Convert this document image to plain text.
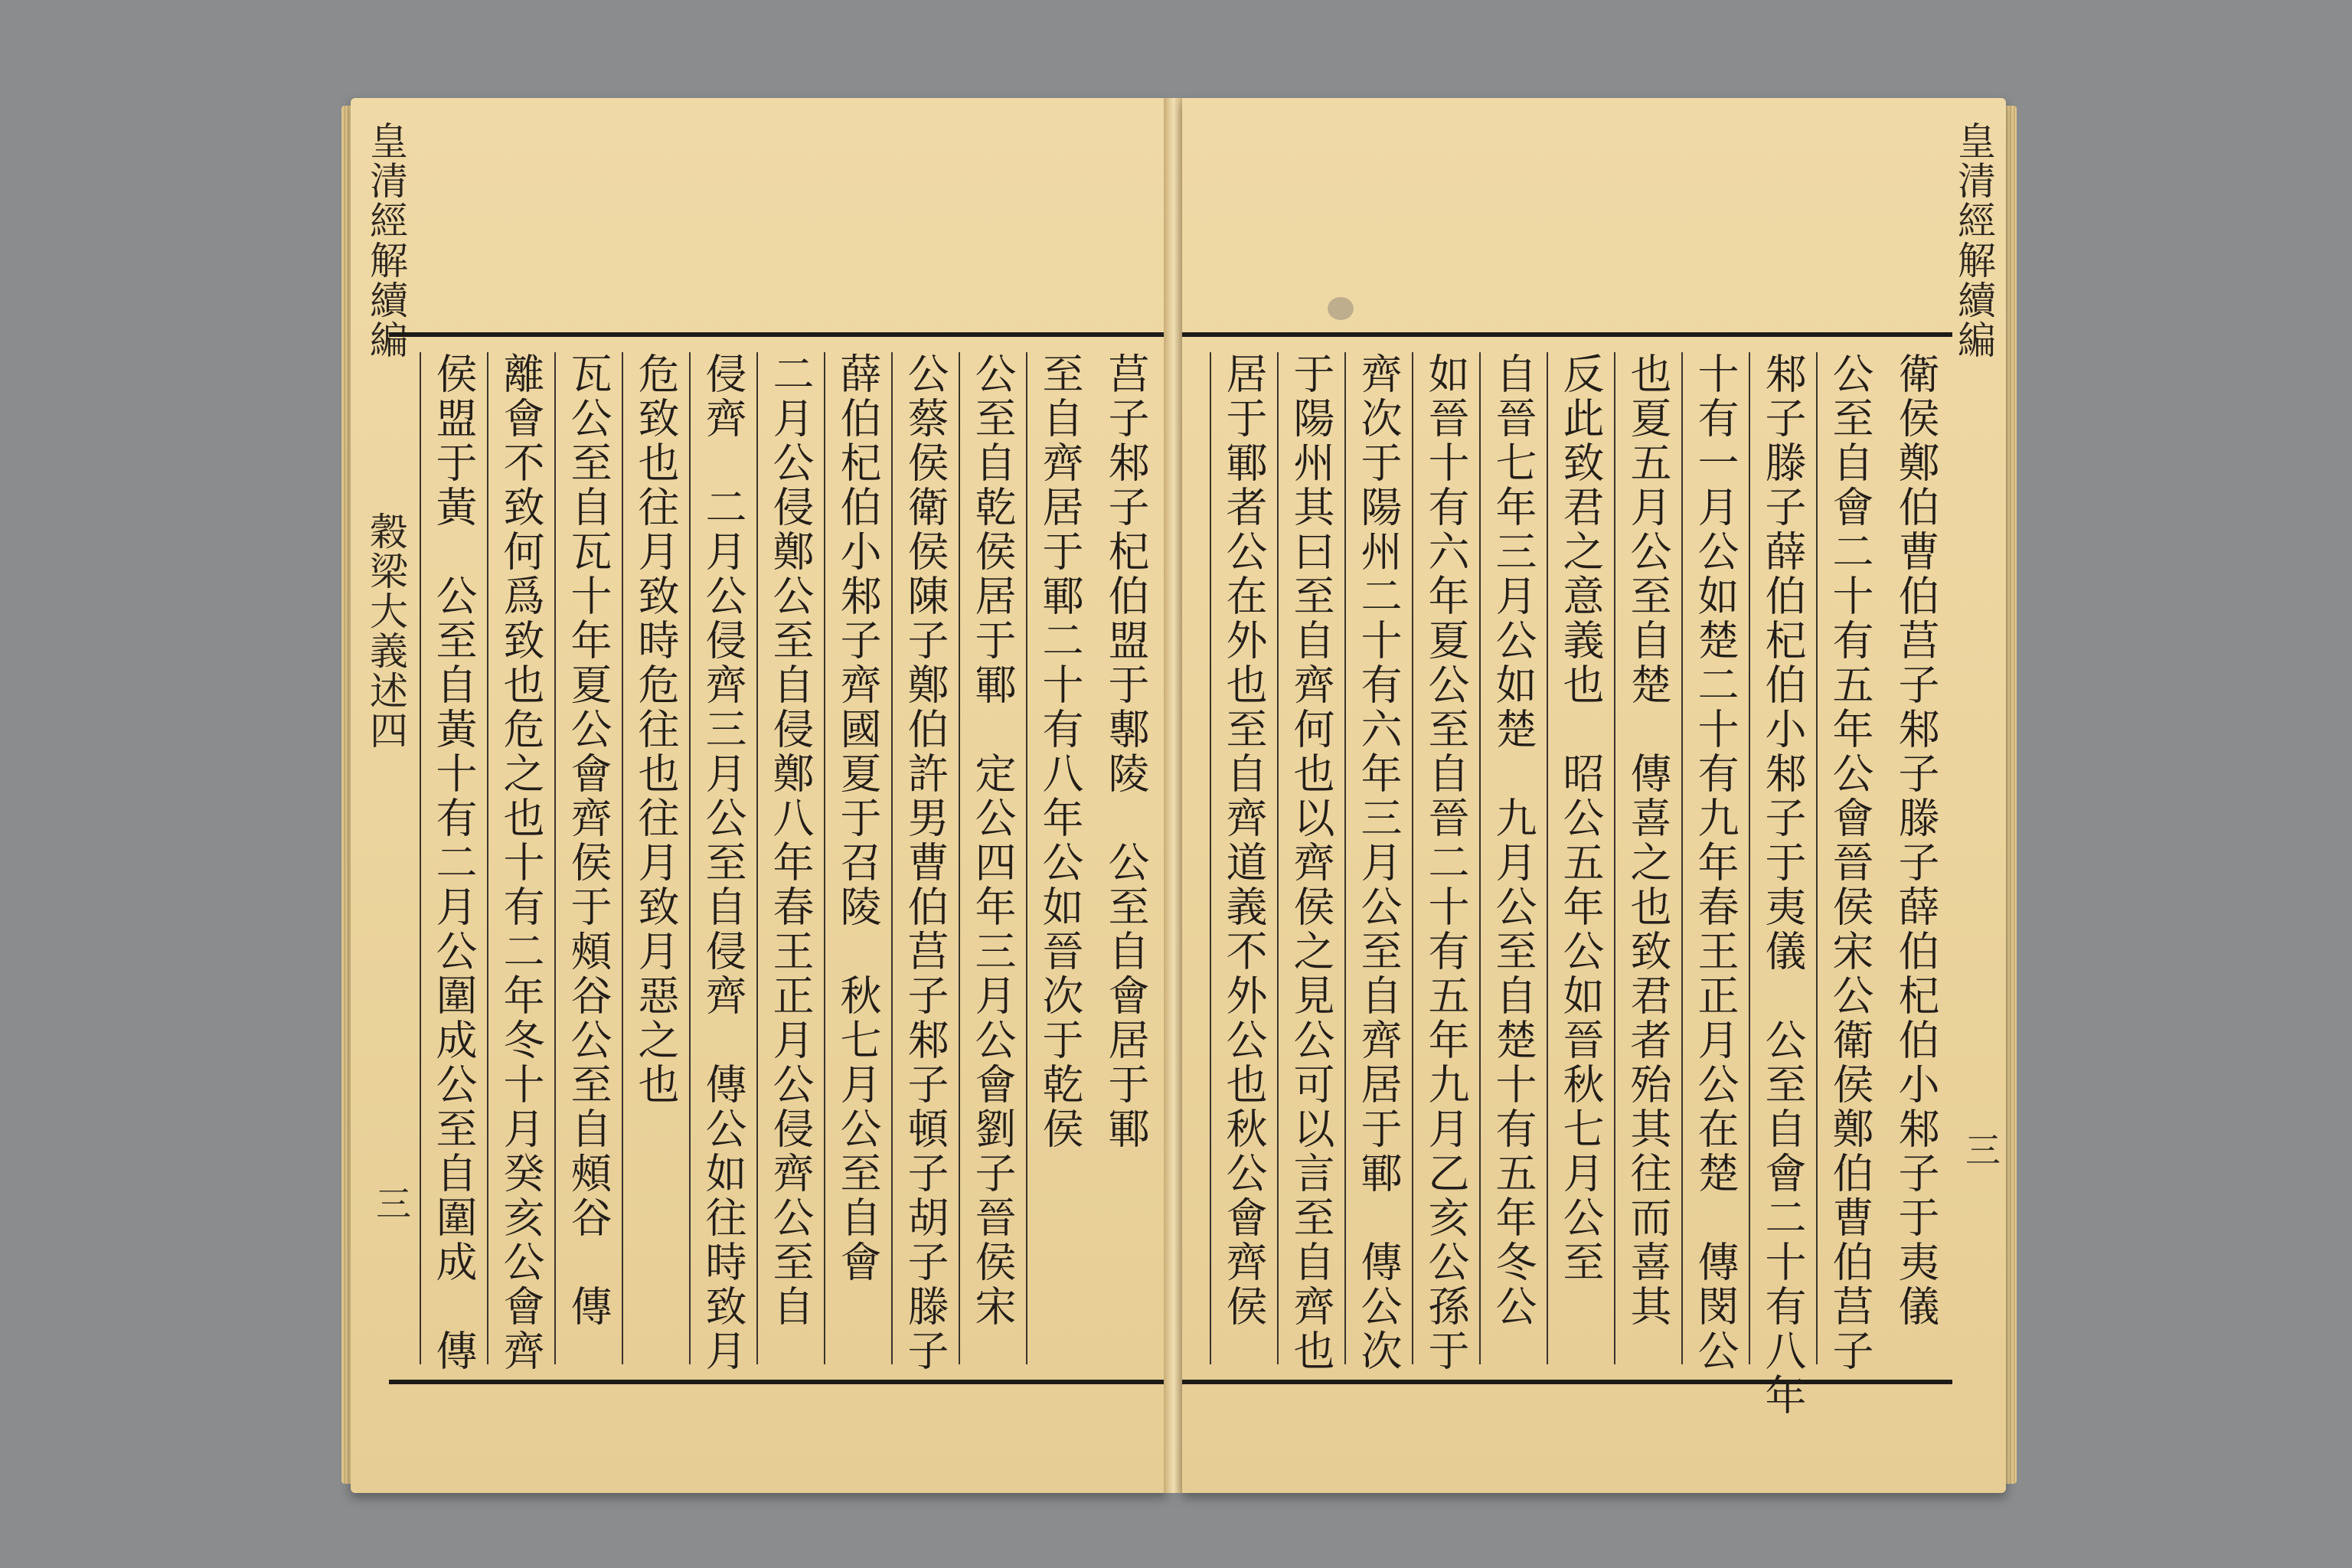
皇清經解續編
穀梁大義述四
三
莒子邾子杞伯盟于鄟陵　公至自會居于鄆
至自齊居于鄆二十有八年公如晉次于乾侯
公至自乾侯居于鄆　定公四年三月公會劉子晉侯宋
公蔡侯衛侯陳子鄭伯許男曹伯莒子邾子頓子胡子滕子
薛伯杞伯小邾子齊國夏于召陵　秋七月公至自會
二月公侵鄭公至自侵鄭八年春王正月公侵齊公至自
侵齊　二月公侵齊三月公至自侵齊　傳公如往時致月
危致也往月致時危往也往月致月惡之也
瓦公至自瓦十年夏公會齊侯于頰谷公至自頰谷　傳
離會不致何爲致也危之也十有二年冬十月癸亥公會齊
侯盟于黃　公至自黃十有二月公圍成公至自圍成　傳
皇清經解續編
三
衛侯鄭伯曹伯莒子邾子滕子薛伯杞伯小邾子于夷儀
公至自會二十有五年公會晉侯宋公衛侯鄭伯曹伯莒子
邾子滕子薛伯杞伯小邾子于夷儀　公至自會二十有八年
十有一月公如楚二十有九年春王正月公在楚　傳閔公
也夏五月公至自楚　傳喜之也致君者殆其往而喜其
反此致君之意義也　昭公五年公如晉秋七月公至
自晉七年三月公如楚　九月公至自楚十有五年冬公
如晉十有六年夏公至自晉二十有五年九月乙亥公孫于
齊次于陽州二十有六年三月公至自齊居于鄆　傳公次
于陽州其曰至自齊何也以齊侯之見公可以言至自齊也
居于鄆者公在外也至自齊道義不外公也秋公會齊侯
